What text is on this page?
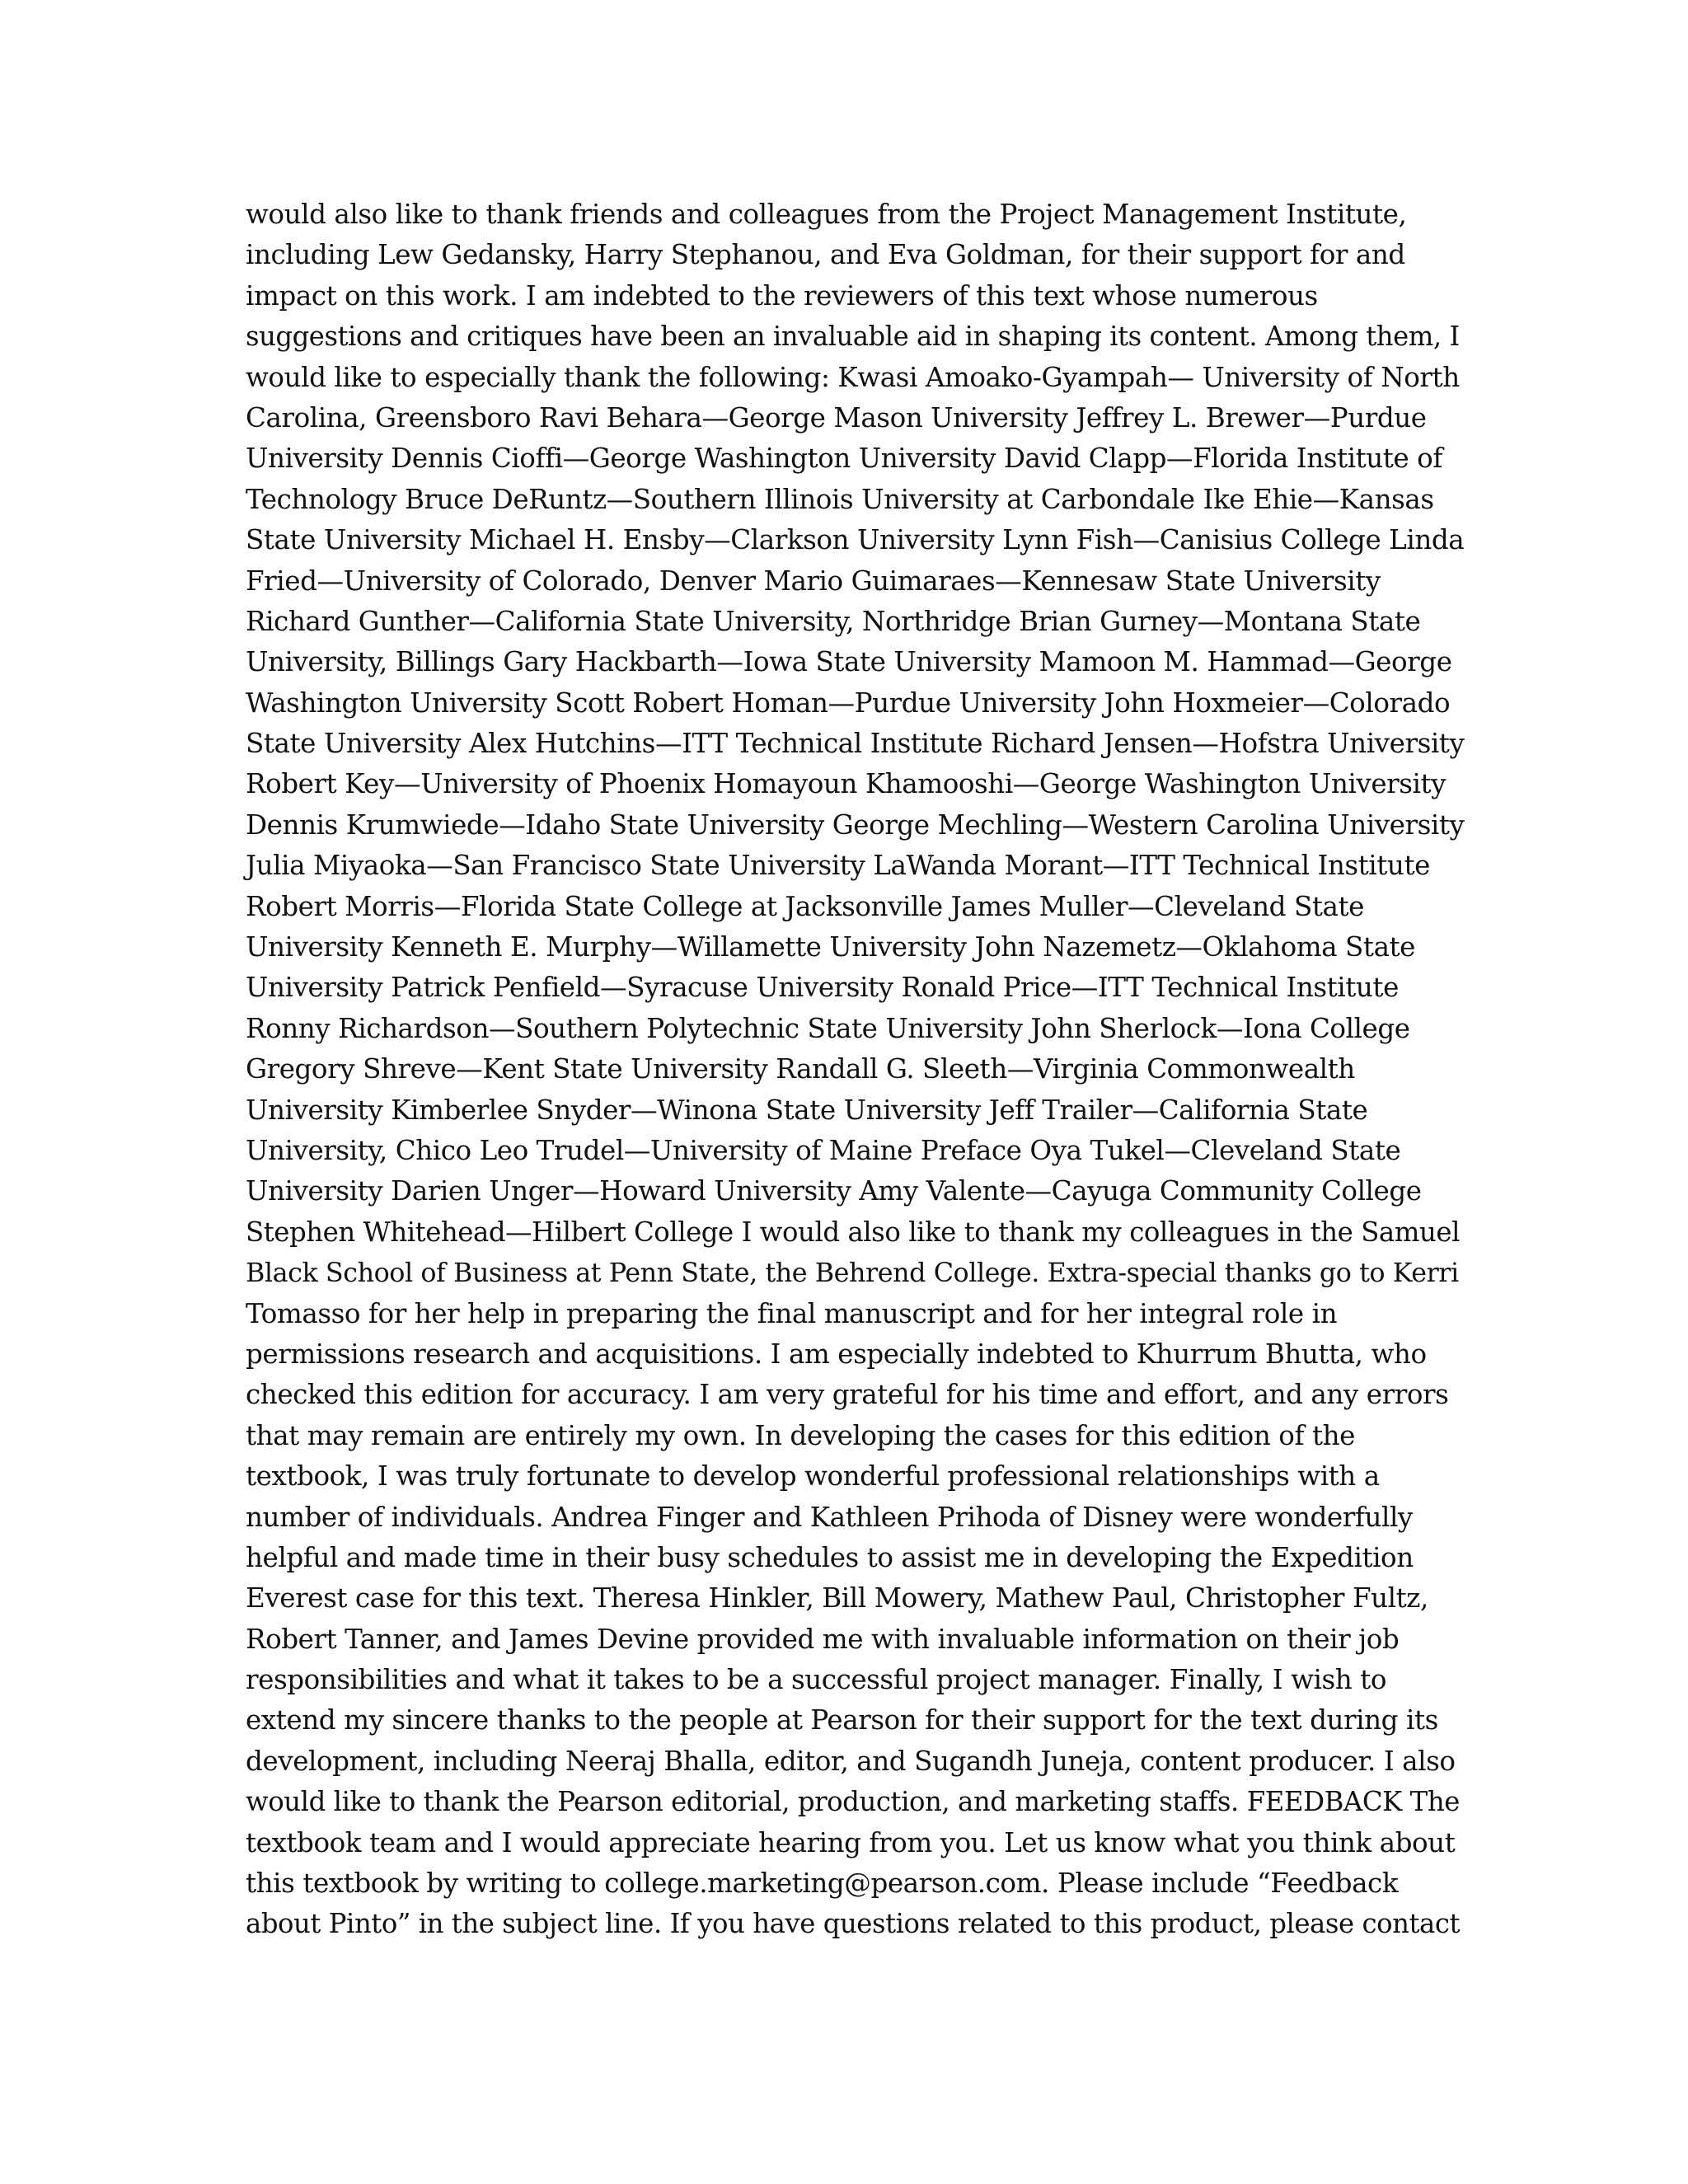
would also like to thank friends and colleagues from the Project Management Institute,
including Lew Gedansky, Harry Stephanou, and Eva Goldman, for their support for and
impact on this work. I am indebted to the reviewers of this text whose numerous
suggestions and critiques have been an invaluable aid in shaping its content. Among them, I
would like to especially thank the following: Kwasi Amoako-Gyampah— University of North
Carolina, Greensboro Ravi Behara—George Mason University Jeffrey L. Brewer—Purdue
University Dennis Cioffi—George Washington University David Clapp—Florida Institute of
Technology Bruce DeRuntz—Southern Illinois University at Carbondale Ike Ehie—Kansas
State University Michael H. Ensby—Clarkson University Lynn Fish—Canisius College Linda
Fried—University of Colorado, Denver Mario Guimaraes—Kennesaw State University
Richard Gunther—California State University, Northridge Brian Gurney—Montana State
University, Billings Gary Hackbarth—Iowa State University Mamoon M. Hammad—George
Washington University Scott Robert Homan—Purdue University John Hoxmeier—Colorado
State University Alex Hutchins—ITT Technical Institute Richard Jensen—Hofstra University
Robert Key—University of Phoenix Homayoun Khamooshi—George Washington University
Dennis Krumwiede—Idaho State University George Mechling—Western Carolina University
Julia Miyaoka—San Francisco State University LaWanda Morant—ITT Technical Institute
Robert Morris—Florida State College at Jacksonville James Muller—Cleveland State
University Kenneth E. Murphy—Willamette University John Nazemetz—Oklahoma State
University Patrick Penfield—Syracuse University Ronald Price—ITT Technical Institute
Ronny Richardson—Southern Polytechnic State University John Sherlock—Iona College
Gregory Shreve—Kent State University Randall G. Sleeth—Virginia Commonwealth
University Kimberlee Snyder—Winona State University Jeff Trailer—California State
University, Chico Leo Trudel—University of Maine Preface Oya Tukel—Cleveland State
University Darien Unger—Howard University Amy Valente—Cayuga Community College
Stephen Whitehead—Hilbert College I would also like to thank my colleagues in the Samuel
Black School of Business at Penn State, the Behrend College. Extra-special thanks go to Kerri
Tomasso for her help in preparing the final manuscript and for her integral role in
permissions research and acquisitions. I am especially indebted to Khurrum Bhutta, who
checked this edition for accuracy. I am very grateful for his time and effort, and any errors
that may remain are entirely my own. In developing the cases for this edition of the
textbook, I was truly fortunate to develop wonderful professional relationships with a
number of individuals. Andrea Finger and Kathleen Prihoda of Disney were wonderfully
helpful and made time in their busy schedules to assist me in developing the Expedition
Everest case for this text. Theresa Hinkler, Bill Mowery, Mathew Paul, Christopher Fultz,
Robert Tanner, and James Devine provided me with invaluable information on their job
responsibilities and what it takes to be a successful project manager. Finally, I wish to
extend my sincere thanks to the people at Pearson for their support for the text during its
development, including Neeraj Bhalla, editor, and Sugandh Juneja, content producer. I also
would like to thank the Pearson editorial, production, and marketing staffs. FEEDBACK The
textbook team and I would appreciate hearing from you. Let us know what you think about
this textbook by writing to college.marketing@pearson.com. Please include “Feedback
about Pinto” in the subject line. If you have questions related to this product, please contact
